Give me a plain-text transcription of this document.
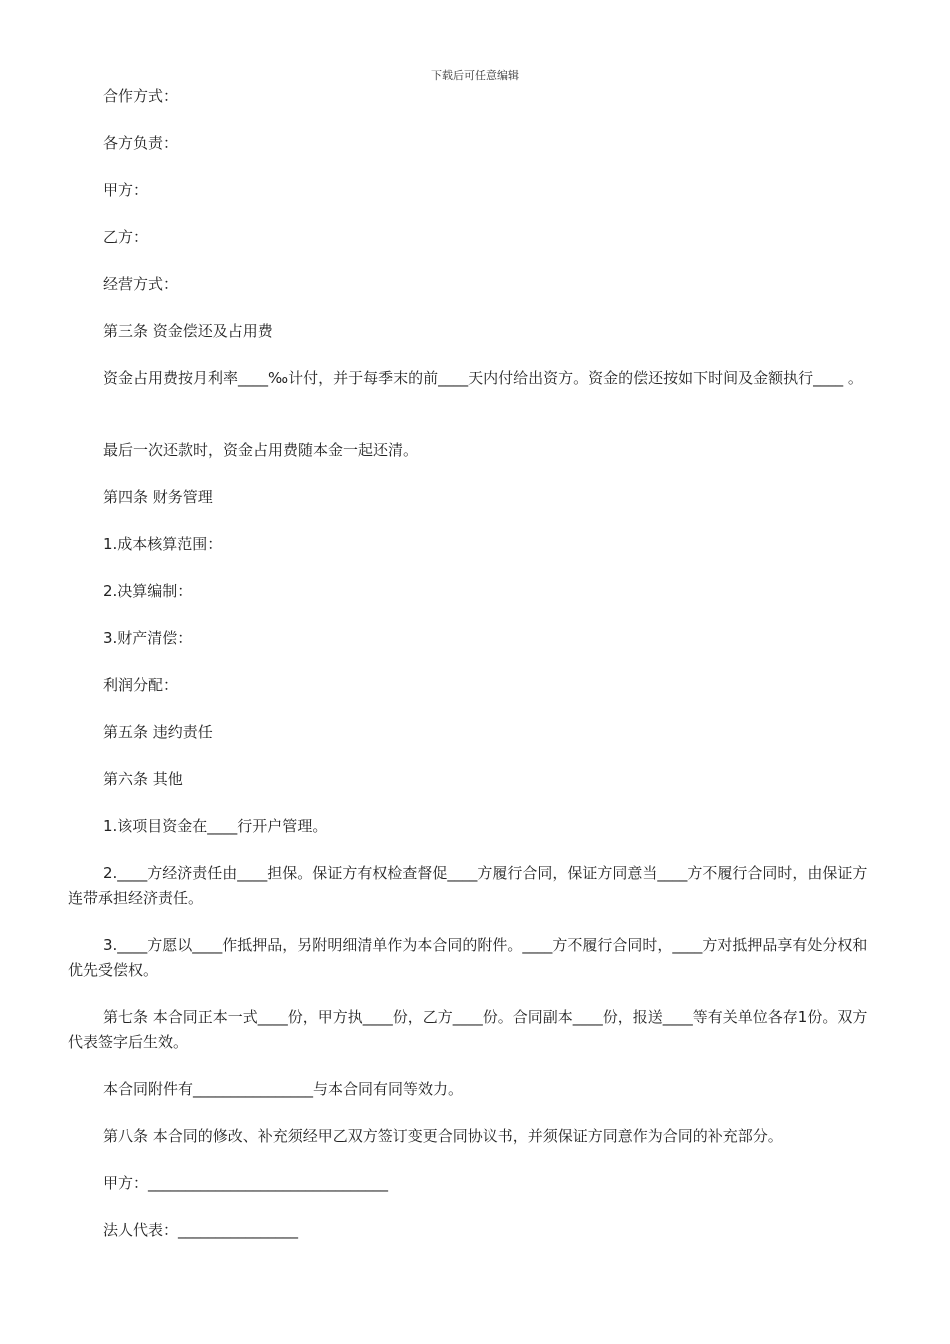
下载后可任意编辑
合作方式：
各方负责：
甲方：
乙方：
经营方式：
第三条 资金偿还及占用费
资金占用费按月利率____‰计付，并于每季末的前____天内付给出资方。资金的偿还按如下时间及金额执行____ 。
最后一次还款时，资金占用费随本金一起还清。
第四条 财务管理
1.成本核算范围：
2.决算编制：
3.财产清偿：
利润分配：
第五条 违约责任
第六条 其他
1.该项目资金在____行开户管理。
2.____方经济责任由____担保。保证方有权检查督促____方履行合同，保证方同意当____方不履行合同时，由保证方连带承担经济责任。
3.____方愿以____作抵押品，另附明细清单作为本合同的附件。____方不履行合同时，____方对抵押品享有处分权和优先受偿权。
第七条 本合同正本一式____份，甲方执____份，乙方____份。合同副本____份，报送____等有关单位各存1份。双方代表签字后生效。
本合同附件有________________与本合同有同等效力。
第八条 本合同的修改、补充须经甲乙双方签订变更合同协议书，并须保证方同意作为合同的补充部分。
甲方：________________________________
法人代表：________________
